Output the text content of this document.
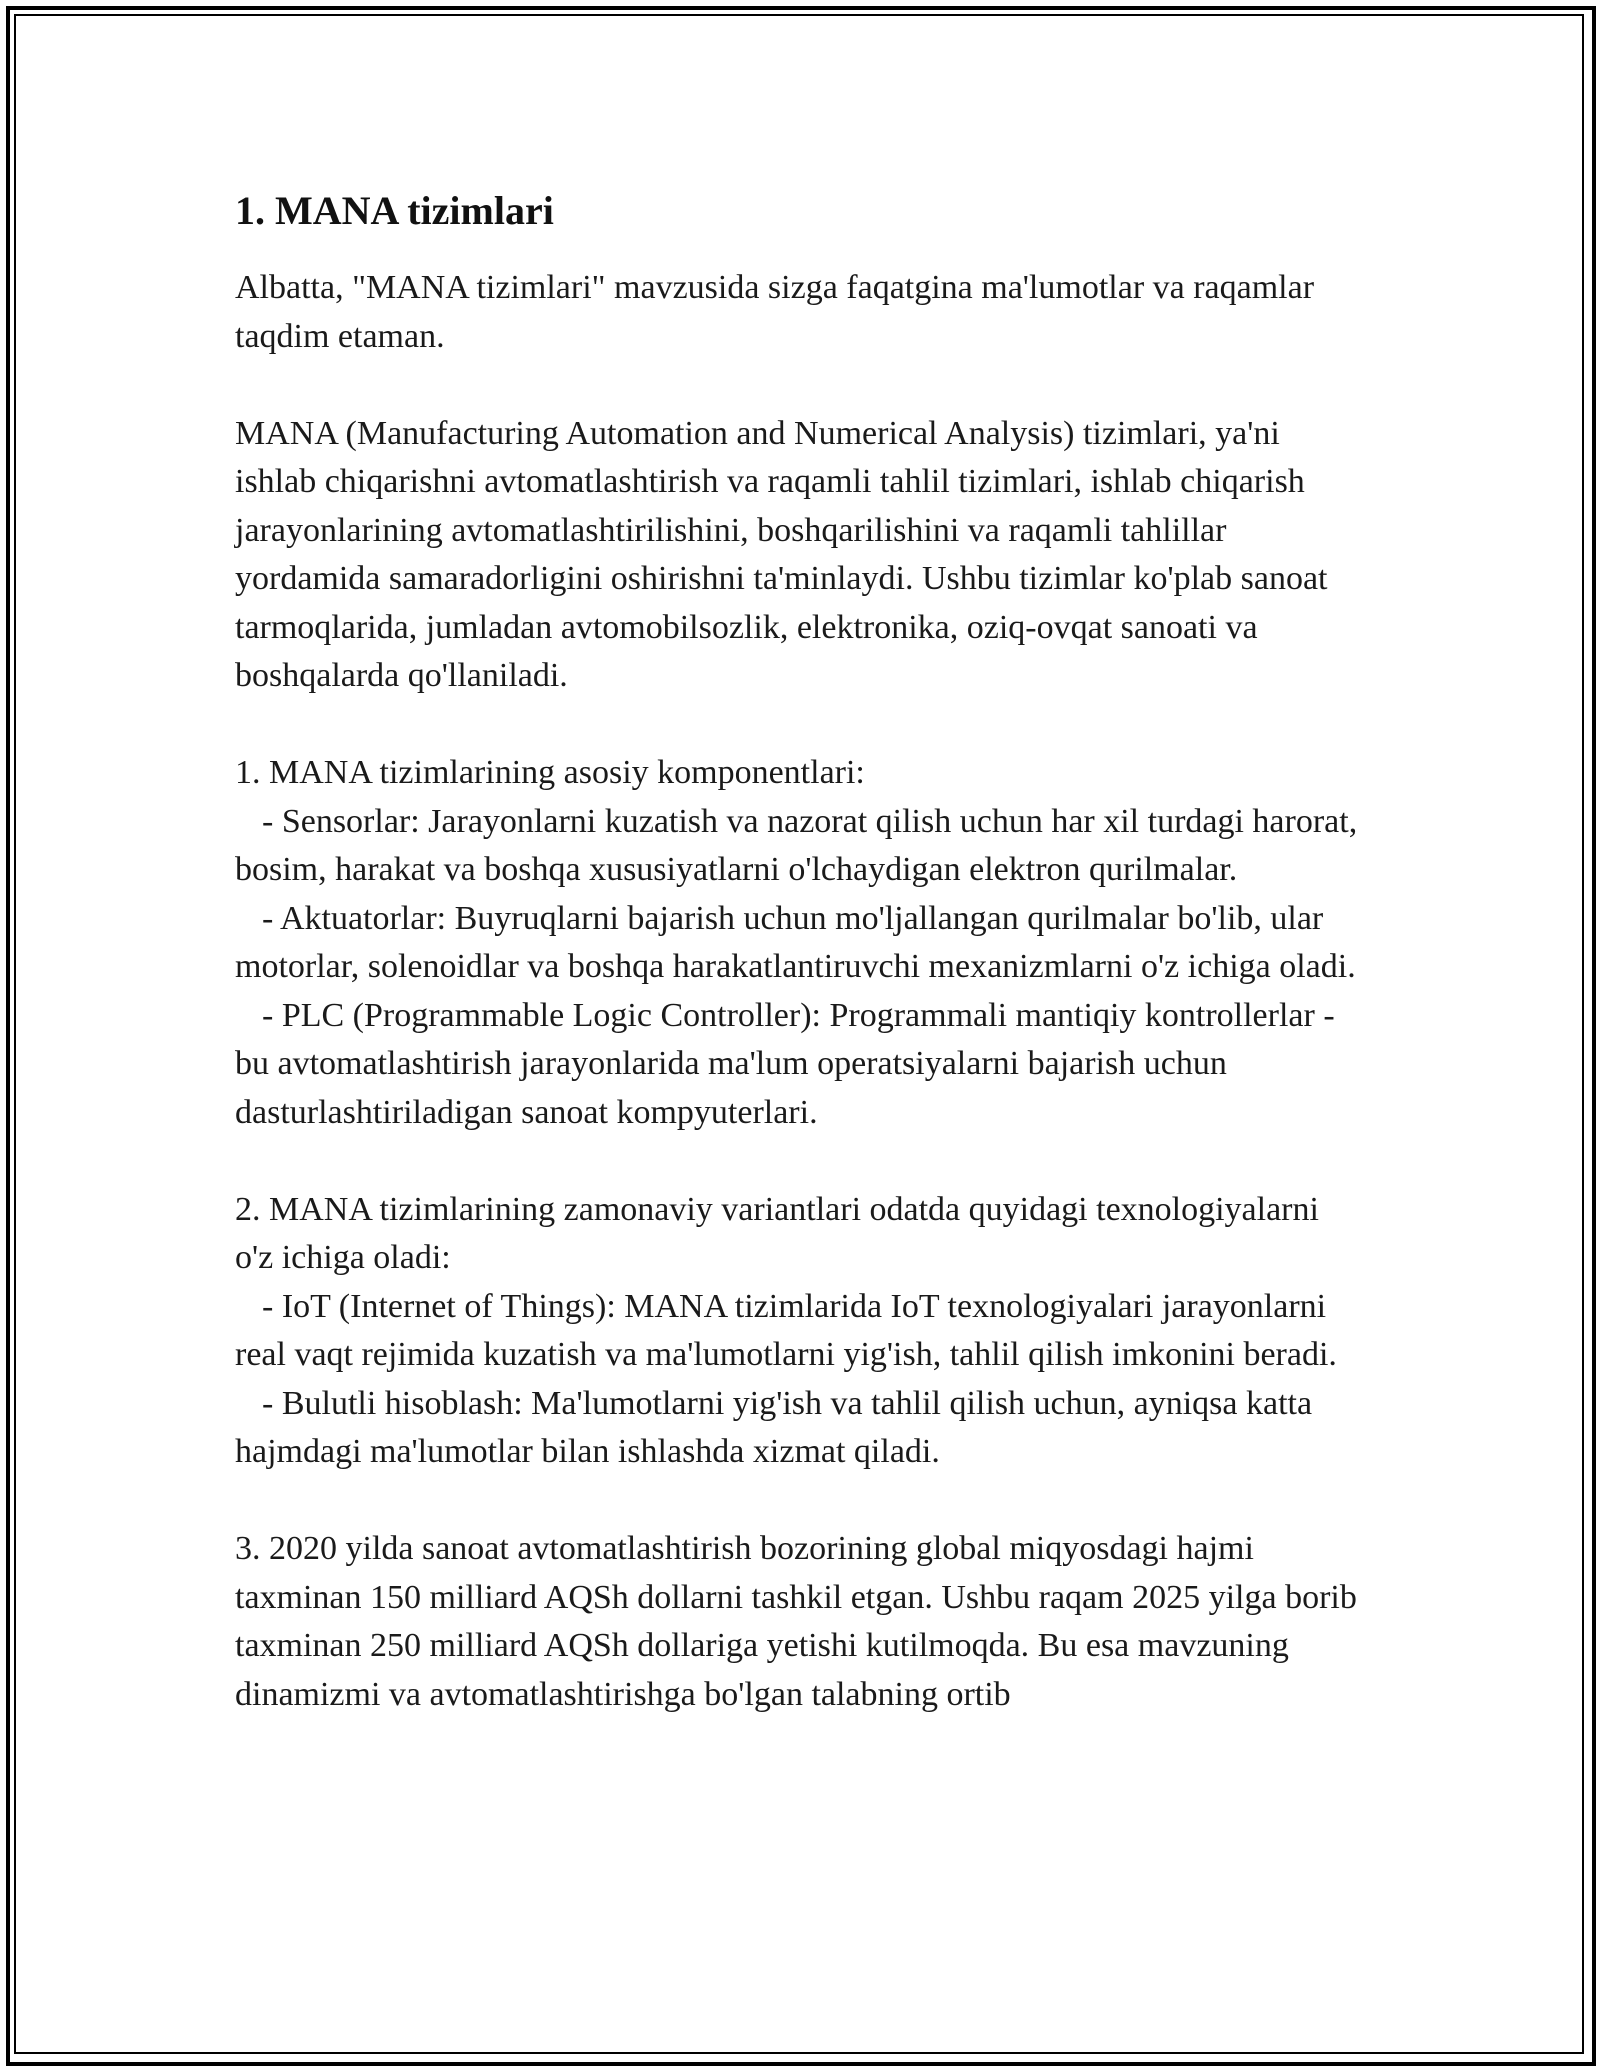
1. MANA tizimlari

Albatta, "MANA tizimlari" mavzusida sizga faqatgina ma'lumotlar va raqamlar taqdim etaman.

MANA (Manufacturing Automation and Numerical Analysis) tizimlari, ya'ni ishlab chiqarishni avtomatlashtirish va raqamli tahlil tizimlari, ishlab chiqarish jarayonlarining avtomatlashtirilishini, boshqarilishini va raqamli tahlillar yordamida samaradorligini oshirishni ta'minlaydi. Ushbu tizimlar ko'plab sanoat tarmoqlarida, jumladan avtomobilsozlik, elektronika, oziq-ovqat sanoati va boshqalarda qo'llaniladi.

1. MANA tizimlarining asosiy komponentlari:

- Sensorlar: Jarayonlarni kuzatish va nazorat qilish uchun har xil turdagi harorat, bosim, harakat va boshqa xususiyatlarni o'lchaydigan elektron qurilmalar.

- Aktuatorlar: Buyruqlarni bajarish uchun mo'ljallangan qurilmalar bo'lib, ular motorlar, solenoidlar va boshqa harakatlantiruvchi mexanizmlarni o'z ichiga oladi.

- PLC (Programmable Logic Controller): Programmali mantiqiy kontrollerlar - bu avtomatlashtirish jarayonlarida ma'lum operatsiyalarni bajarish uchun dasturlashtiriladigan sanoat kompyuterlari.

2. MANA tizimlarining zamonaviy variantlari odatda quyidagi texnologiyalarni o'z ichiga oladi:

- IoT (Internet of Things): MANA tizimlarida IoT texnologiyalari jarayonlarni real vaqt rejimida kuzatish va ma'lumotlarni yig'ish, tahlil qilish imkonini beradi.

- Bulutli hisoblash: Ma'lumotlarni yig'ish va tahlil qilish uchun, ayniqsa katta hajmdagi ma'lumotlar bilan ishlashda xizmat qiladi.

3. 2020 yilda sanoat avtomatlashtirish bozorining global miqyosdagi hajmi taxminan 150 milliard AQSh dollarni tashkil etgan. Ushbu raqam 2025 yilga borib taxminan 250 milliard AQSh dollariga yetishi kutilmoqda. Bu esa mavzuning dinamizmi va avtomatlashtirishga bo'lgan talabning ortib
